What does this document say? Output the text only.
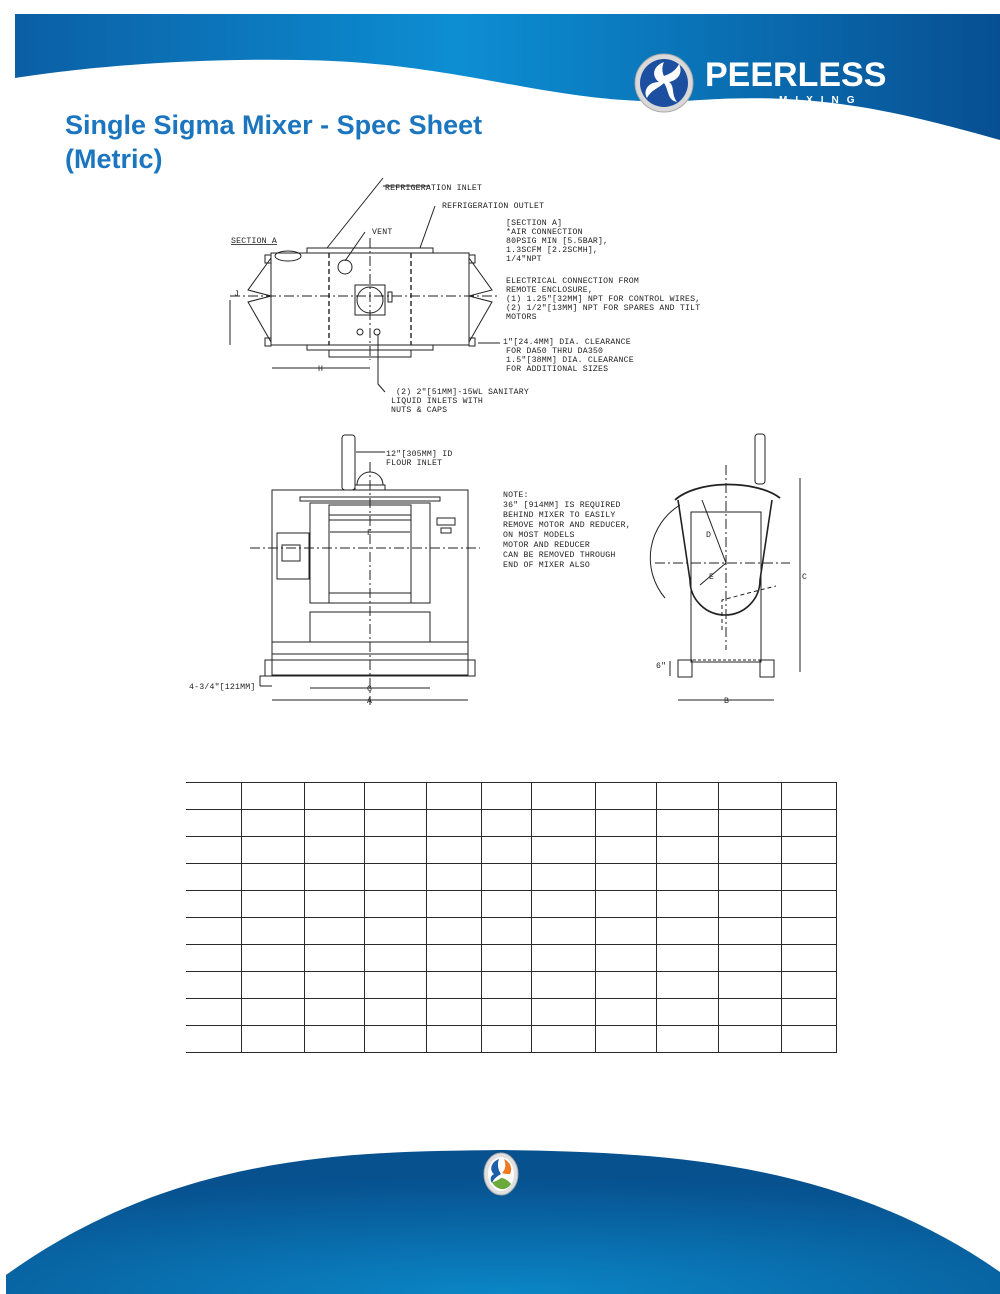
PEERLESS
MIXING
Single Sigma Mixer - Spec Sheet
(Metric)
REFRIGERATION INLET
REFRIGERATION OUTLET
VENT
SECTION A
H
J
[SECTION A]
*AIR CONNECTION
80PSIG MIN [5.5BAR],
1.3SCFM [2.2SCMH],
1/4"NPT
ELECTRICAL CONNECTION FROM
REMOTE ENCLOSURE,
(1) 1.25"[32MM] NPT FOR CONTROL WIRES,
(2) 1/2"[13MM] NPT FOR SPARES AND TILT
MOTORS
1"[24.4MM] DIA. CLEARANCE
FOR DA50 THRU DA350
1.5"[38MM] DIA. CLEARANCE
FOR ADDITIONAL SIZES
(2) 2"[51MM]-15WL SANITARY
LIQUID INLETS WITH
NUTS & CAPS
12"[305MM] ID
FLOUR INLET
4-3/4"[121MM]
F
G
A
NOTE:
36" [914MM] IS REQUIRED
BEHIND MIXER TO EASILY
REMOVE MOTOR AND REDUCER,
ON MOST MODELS
MOTOR AND REDUCER
CAN BE REMOVED THROUGH
END OF MIXER ALSO
D
E	C
B
6"
